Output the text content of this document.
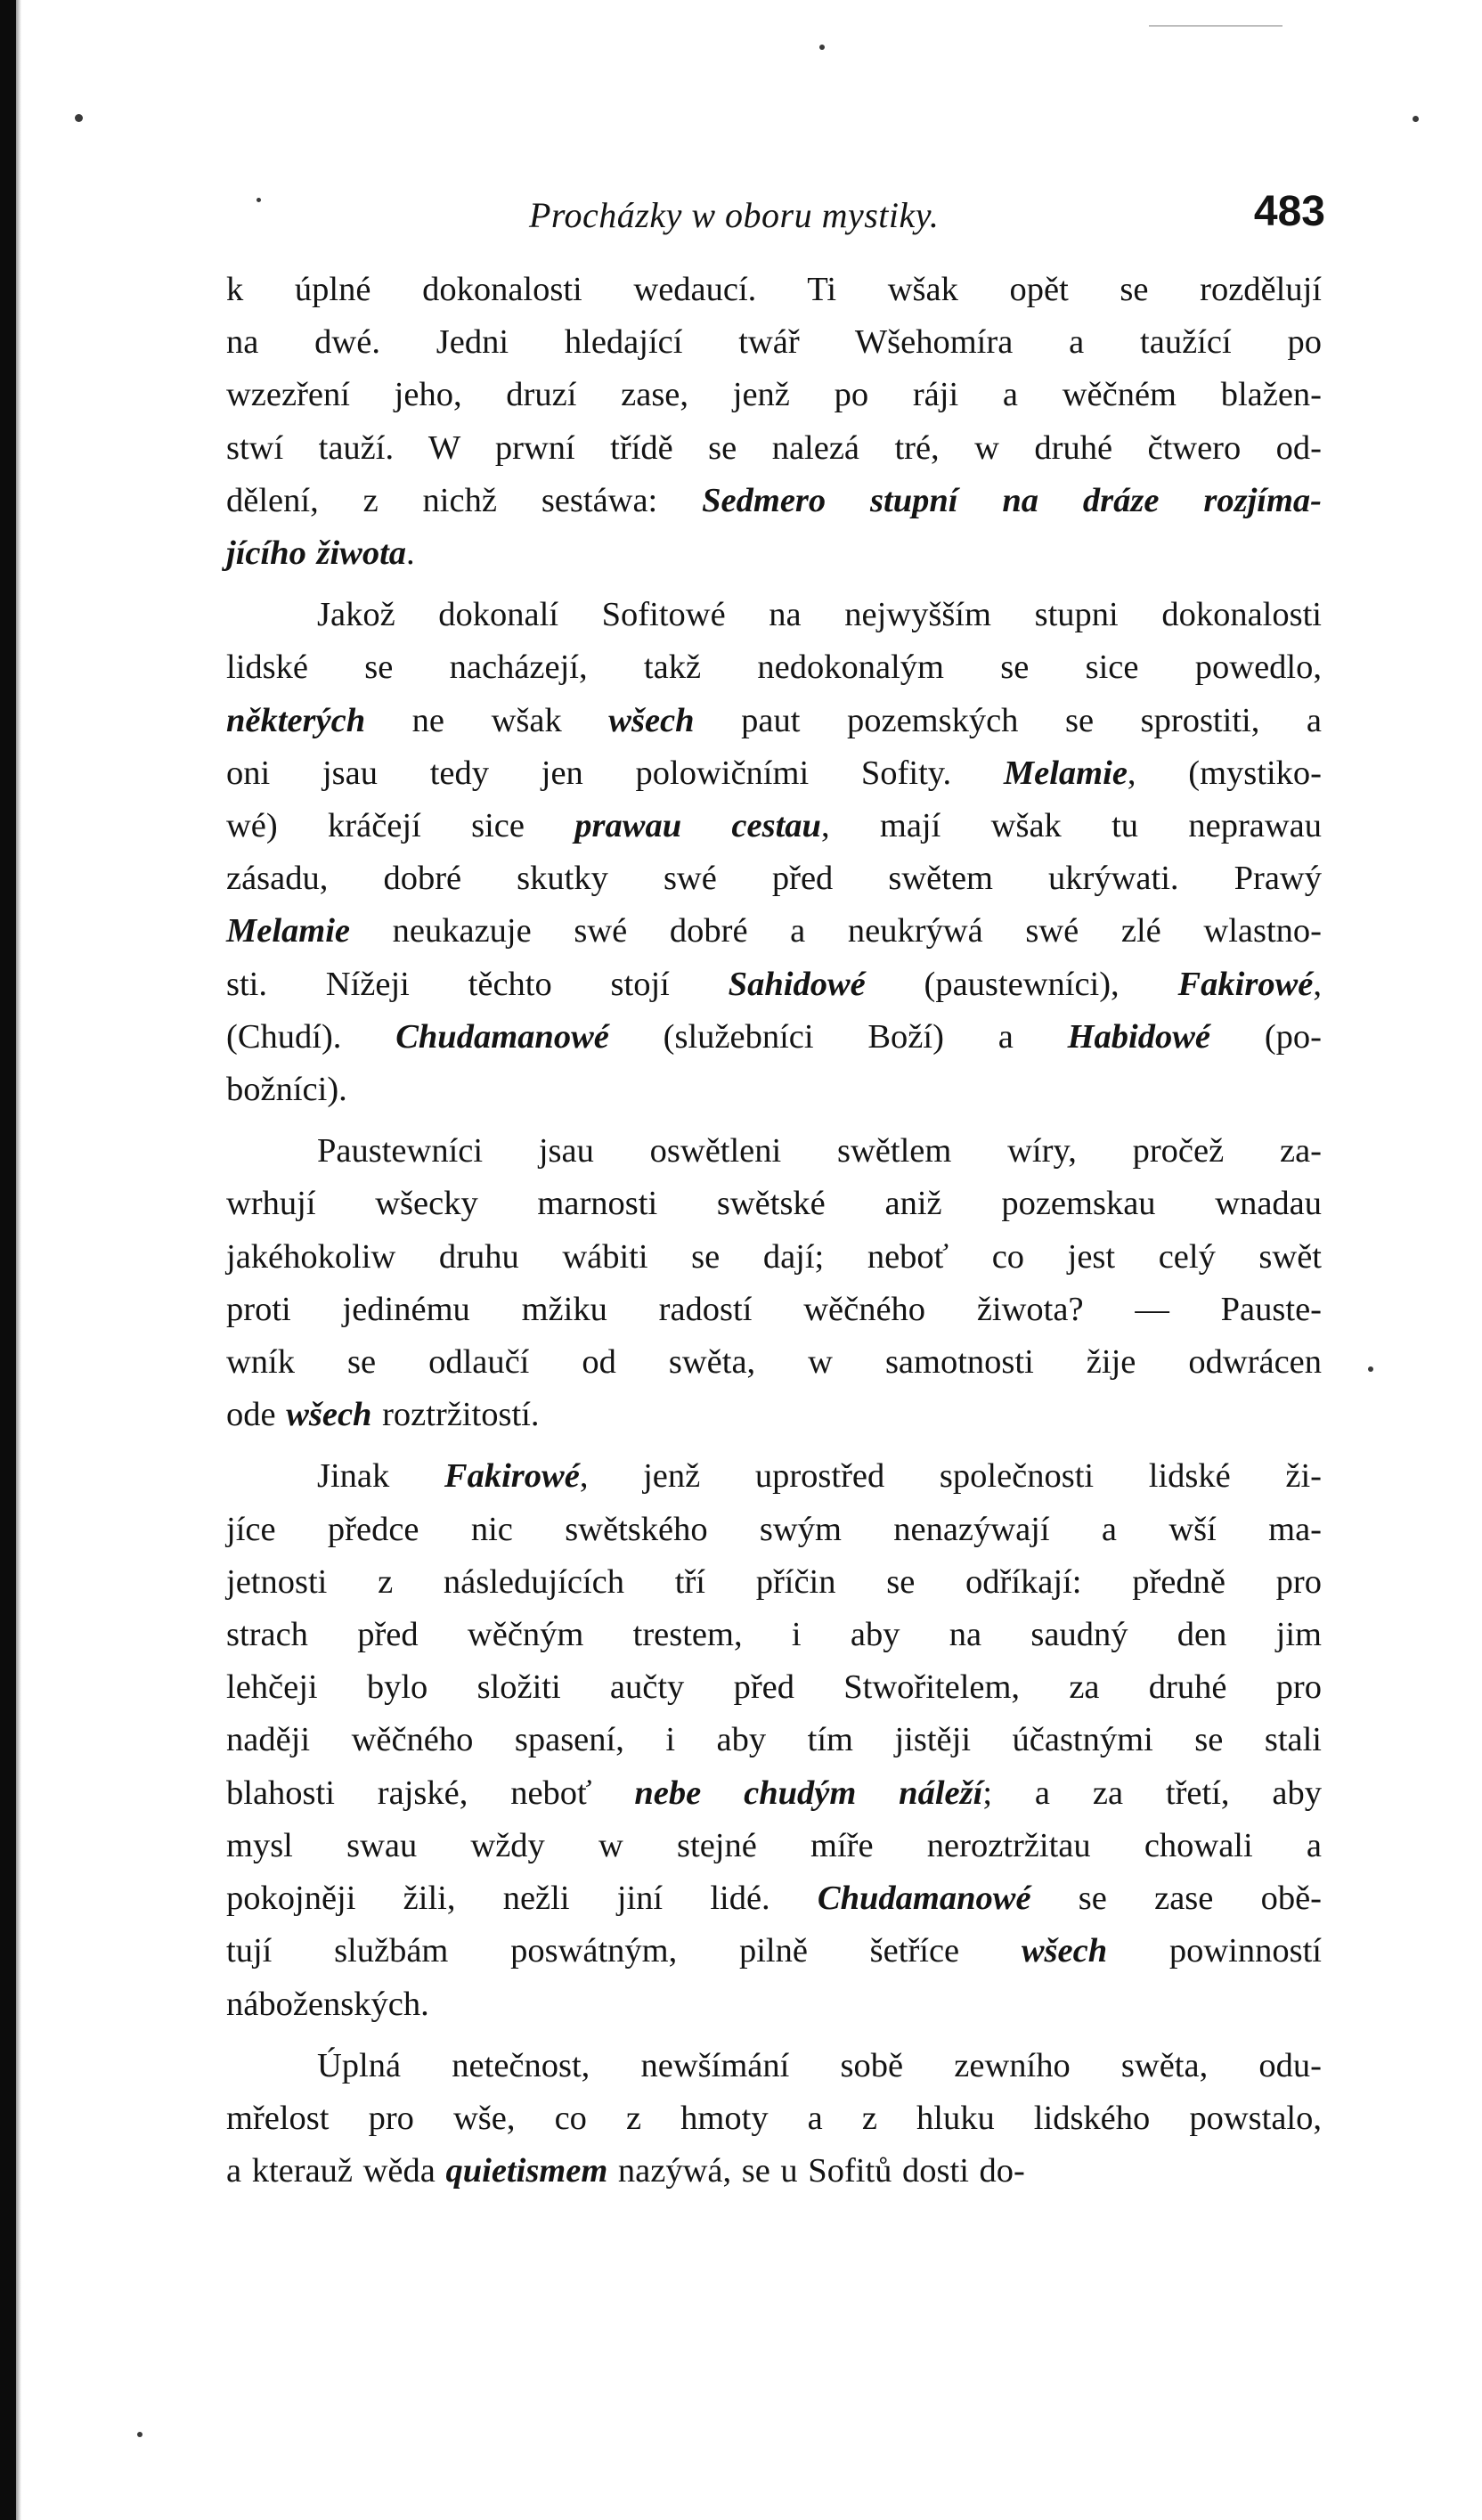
Procházky w oboru mystiky.	483

k úplné dokonalosti wedaucí. Ti wšak opět se rozdělují
na dwé. Jedni hledající twář Wšehomíra a taužící po
wzezření jeho, druzí zase, jenž po ráji a wěčném blažen-
stwí tauží. W prwní třídě se nalezá tré, w druhé čtwero od-
dělení, z nichž sestáwa: Sedmero stupní na dráze rozjíma-
jícího žiwota.

Jakož dokonalí Sofitowé na nejwyšším stupni dokonalosti
lidské se nacházejí, takž nedokonalým se sice powedlo,
některých ne wšak wšech paut pozemských se sprostiti, a
oni jsau tedy jen polowičními Sofity. Melamie, (mystiko-
wé) kráčejí sice prawau cestau, mají wšak tu neprawau
zásadu, dobré skutky swé před swětem ukrýwati. Prawý
Melamie neukazuje swé dobré a neukrýwá swé zlé wlastno-
sti. Nížeji těchto stojí Sahidowé (paustewníci), Fakirowé,
(Chudí). Chudamanowé (služebníci Boží) a Habidowé (po-
božníci).

Paustewníci jsau oswětleni swětlem wíry, pročež za-
wrhují wšecky marnosti swětské aniž pozemskau wnadau
jakéhokoliw druhu wábiti se dají; neboť co jest celý swět
proti jedinému mžiku radostí wěčného žiwota? — Pauste-
wník se odlaučí od swěta, w samotnosti žije odwrácen
ode wšech roztržitostí.

Jinak Fakirowé, jenž uprostřed společnosti lidské ži-
jíce předce nic swětského swým nenazýwají a wší ma-
jetnosti z následujících tří příčin se odříkají: předně pro
strach před wěčným trestem, i aby na saudný den jim
lehčeji bylo složiti aučty před Stwořitelem, za druhé pro
naději wěčného spasení, i aby tím jistěji účastnými se stali
blahosti rajské, neboť nebe chudým náleží; a za třetí, aby
mysl swau wždy w stejné míře neroztržitau chowali a
pokojněji žili, nežli jiní lidé. Chudamanowé se zase obě-
tují službám poswátným, pilně šetříce wšech powinností
náboženských.

Úplná netečnost, newšímání sobě zewního swěta, odu-
mřelost pro wše, co z hmoty a z hluku lidského powstalo,
a kterauž wěda quietismem nazýwá, se u Sofitů dosti do-
